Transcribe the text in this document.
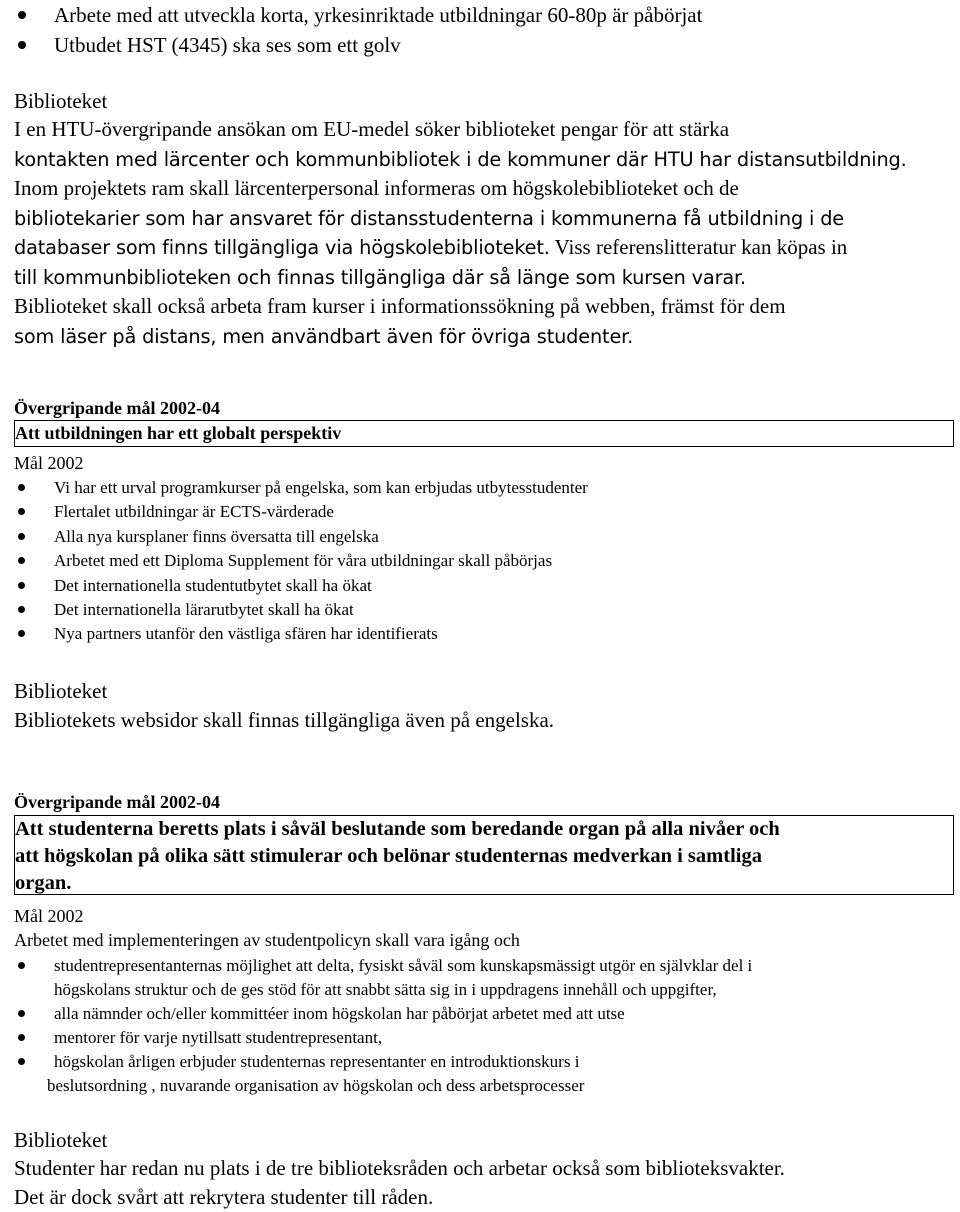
Arbete med att utveckla korta, yrkesinriktade utbildningar 60-80p är påbörjat

Utbudet HST (4345) ska ses som ett golv

Biblioteket
I en HTU-övergripande ansökan om EU-medel söker biblioteket pengar för att stärka
kontakten med lärcenter och kommunbibliotek i de kommuner där HTU har distansutbildning.
Inom projektets ram skall lärcenterpersonal informeras om högskolebiblioteket och de
bibliotekarier som har ansvaret för distansstudenterna i kommunerna få utbildning i de
databaser som finns tillgängliga via högskolebiblioteket. Viss referenslitteratur kan köpas in
till kommunbiblioteken och finnas tillgängliga där så länge som kursen varar.
Biblioteket skall också arbeta fram kurser i informationssökning på webben, främst för dem
som läser på distans, men användbart även för övriga studenter.
Övergripande mål 2002-04
Att utbildningen har ett globalt perspektiv
Mål 2002

Vi har ett urval programkurser på engelska, som kan erbjudas utbytesstudenter

Flertalet utbildningar är ECTS-värderade

Alla nya kursplaner finns översatta till engelska

Arbetet med ett Diploma Supplement för våra utbildningar skall påbörjas

Det internationella studentutbytet skall ha ökat

Det internationella lärarutbytet skall ha ökat

Nya partners utanför den västliga sfären har identifierats

Biblioteket
Bibliotekets websidor skall finnas tillgängliga även på engelska.
Övergripande mål 2002-04
Att studenterna beretts plats i såväl beslutande som beredande organ på alla nivåer och
att högskolan på olika sätt stimulerar och belönar studenternas medverkan i samtliga
organ.
Mål 2002
Arbetet med implementeringen av studentpolicyn skall vara igång och

studentrepresentanternas möjlighet att delta, fysiskt såväl som kunskapsmässigt utgör en självklar del i
högskolans struktur och de ges stöd för att snabbt sätta sig in i uppdragens innehåll och uppgifter,

alla nämnder och/eller kommittéer inom högskolan har påbörjat arbetet med att utse

mentorer för varje nytillsatt studentrepresentant,

högskolan årligen erbjuder studenternas representanter en introduktionskurs i

beslutsordning , nuvarande organisation av högskolan och dess arbetsprocesser

Biblioteket
Studenter har redan nu plats i de tre biblioteksråden och arbetar också som biblioteksvakter.
Det är dock svårt att rekrytera studenter till råden.
